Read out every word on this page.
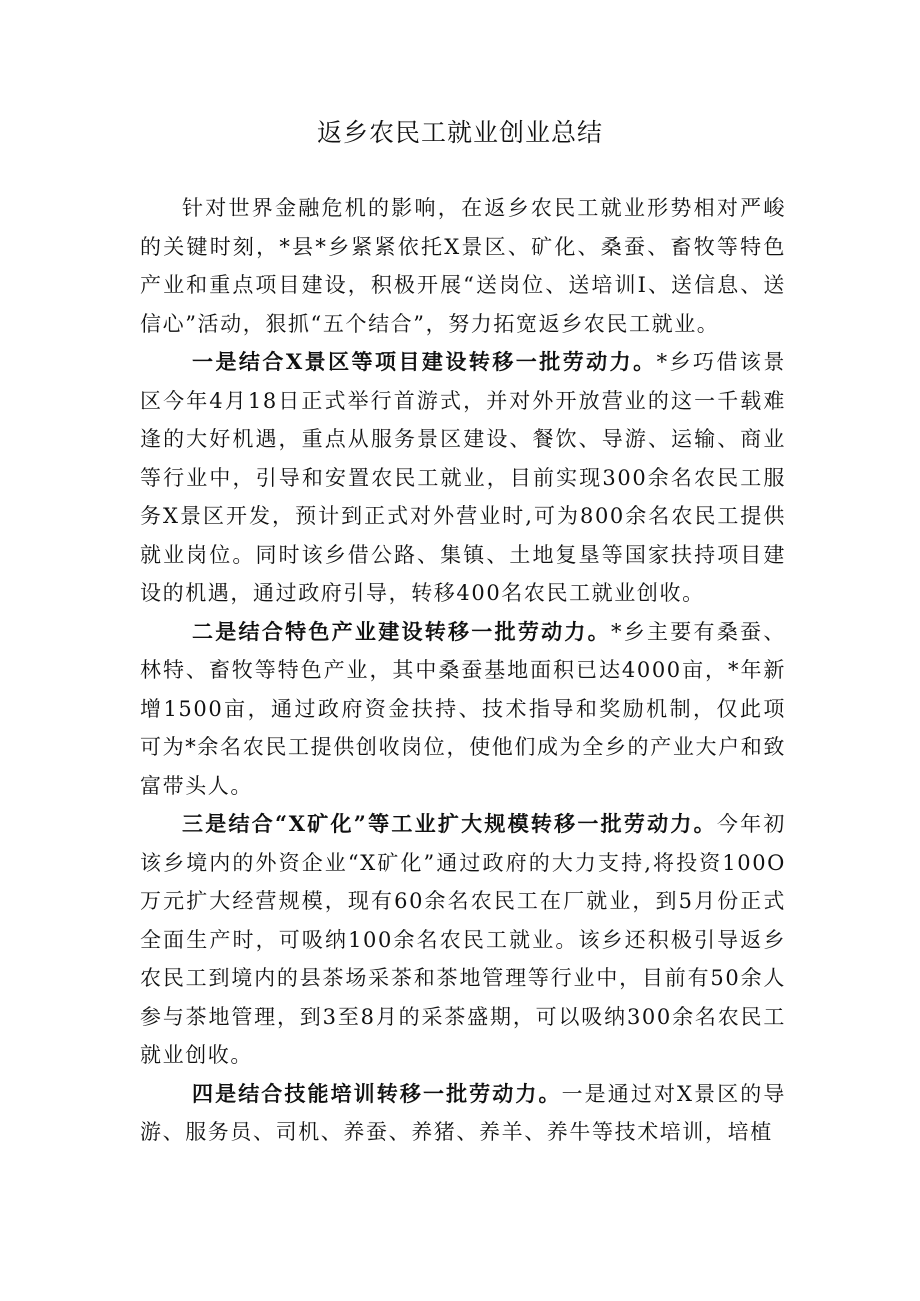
返乡农民工就业创业总结

针对世界金融危机的影响，在返乡农民工就业形势相对严峻的关键时刻，*县*乡紧紧依托X景区、矿化、桑蚕、畜牧等特色产业和重点项目建设，积极开展“送岗位、送培训I、送信息、送信心”活动，狠抓“五个结合”，努力拓宽返乡农民工就业。

一是结合X景区等项目建设转移一批劳动力。*乡巧借该景区今年4月18日正式举行首游式，并对外开放营业的这一千载难逢的大好机遇，重点从服务景区建设、餐饮、导游、运输、商业等行业中，引导和安置农民工就业，目前实现300余名农民工服务X景区开发，预计到正式对外营业时,可为800余名农民工提供就业岗位。同时该乡借公路、集镇、土地复垦等国家扶持项目建设的机遇，通过政府引导，转移400名农民工就业创收。

二是结合特色产业建设转移一批劳动力。*乡主要有桑蚕、林特、畜牧等特色产业，其中桑蚕基地面积已达4000亩，*年新增1500亩，通过政府资金扶持、技术指导和奖励机制，仅此项可为*余名农民工提供创收岗位，使他们成为全乡的产业大户和致富带头人。

三是结合“X矿化”等工业扩大规模转移一批劳动力。今年初该乡境内的外资企业“X矿化”通过政府的大力支持,将投资100O万元扩大经营规模，现有60余名农民工在厂就业，到5月份正式全面生产时，可吸纳100余名农民工就业。该乡还积极引导返乡农民工到境内的县茶场采茶和茶地管理等行业中，目前有50余人参与茶地管理，到3至8月的采茶盛期，可以吸纳300余名农民工就业创收。

四是结合技能培训转移一批劳动力。一是通过对X景区的导游、服务员、司机、养蚕、养猪、养羊、养牛等技术培训，培植
